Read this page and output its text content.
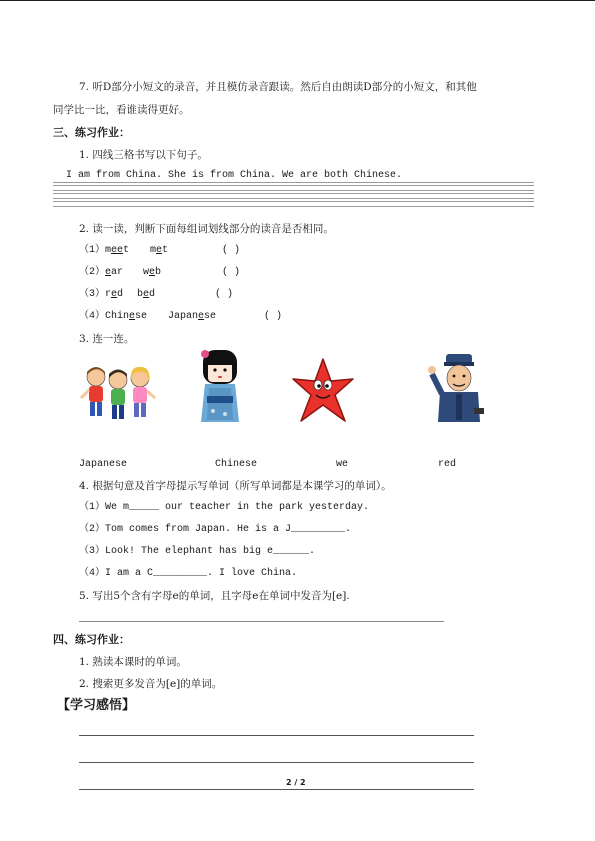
7. 听D部分小短文的录音，并且模仿录音跟读。然后自由朗读D部分的小短文，和其他
同学比一比，看谁读得更好。
三、练习作业：
1. 四线三格书写以下句子。
I am from China. She is from China. We are both Chinese.
2. 读一读，判断下面每组词划线部分的读音是否相同。
（1）meet met	( )
（2）ear web	( )
（3）red bed	( )
（4）Chinese Japanese	( )
3. 连一连。
Japanese	Chinese	we	red
4. 根据句意及首字母提示写单词（所写单词都是本课学习的单词）。
（1）We m_____ our teacher in the park yesterday.
（2）Tom comes from Japan. He is a J_________.
（3）Look! The elephant has big e______.
（4）I am a C_________. I love China.
5. 写出5个含有字母e的单词，且字母e在单词中发音为[e].
四、练习作业：
1. 熟读本课时的单词。
2. 搜索更多发音为[e]的单词。
【学习感悟】
2 / 2
